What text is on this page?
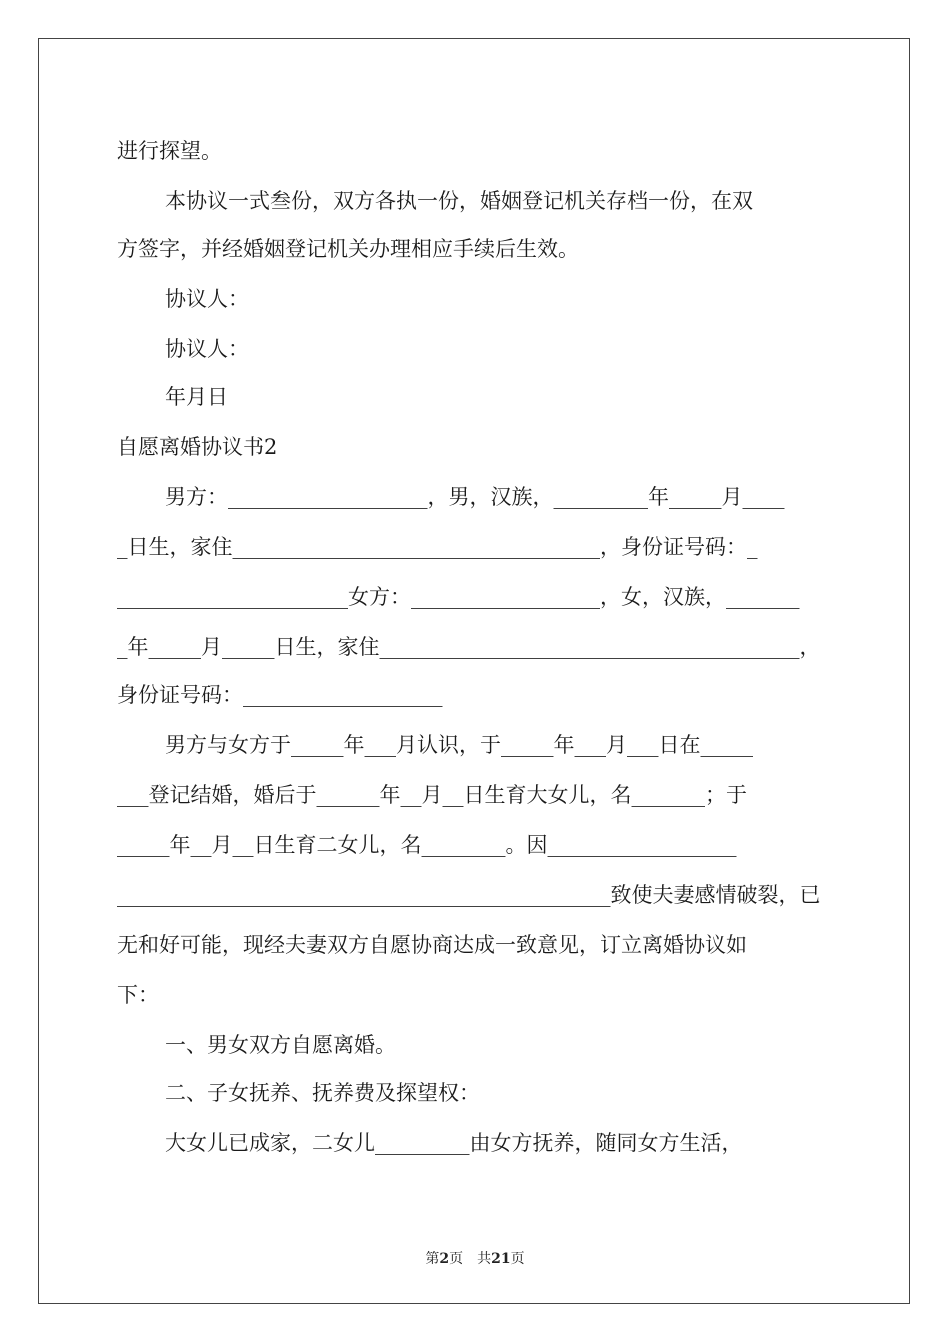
进行探望。
本协议一式叁份，双方各执一份，婚姻登记机关存档一份，在双
方签字，并经婚姻登记机关办理相应手续后生效。
协议人：
协议人：
年月日
自愿离婚协议书2
男方：___________________，男，汉族，_________年_____月____
_日生，家住___________________________________，身份证号码：_
______________________女方：__________________，女，汉族，_______
_年_____月_____日生，家住________________________________________，
身份证号码：___________________
男方与女方于_____年___月认识，于_____年___月___日在_____
___登记结婚，婚后于______年__月__日生育大女儿，名_______；于
_____年__月__日生育二女儿，名________。因__________________
_______________________________________________致使夫妻感情破裂，已
无和好可能，现经夫妻双方自愿协商达成一致意见，订立离婚协议如
下：
一、男女双方自愿离婚。
二、子女抚养、抚养费及探望权：
大女儿已成家，二女儿_________由女方抚养，随同女方生活，
第2页　共21页
